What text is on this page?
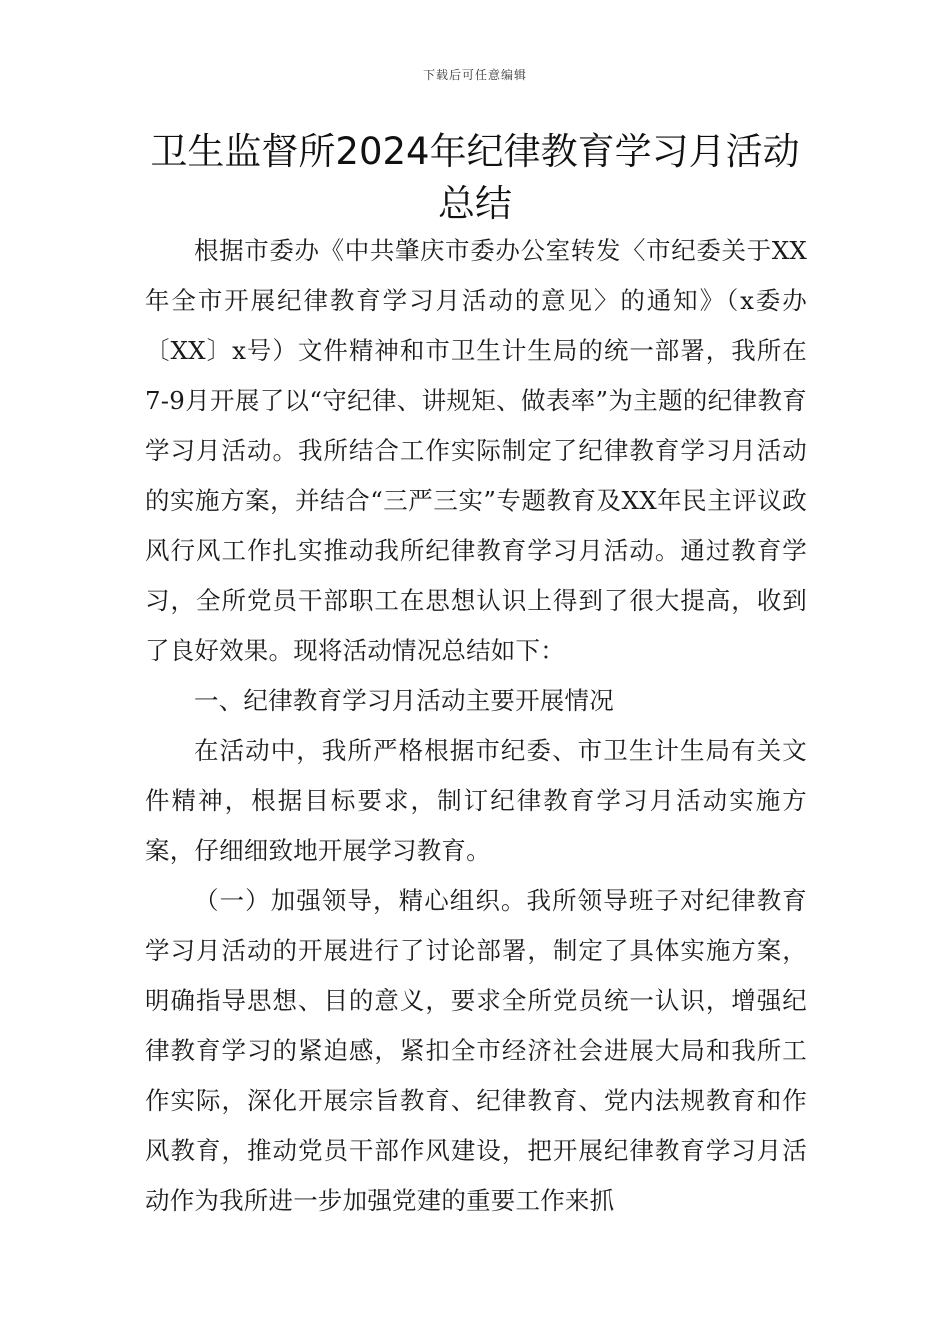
下载后可任意编辑
卫生监督所2024年纪律教育学习月活动总结

根据市委办《中共肇庆市委办公室转发〈市纪委关于XX年全市开展纪律教育学习月活动的意见〉的通知》（x委办〔XX〕x号）文件精神和市卫生计生局的统一部署，我所在7-9月开展了以“守纪律、讲规矩、做表率”为主题的纪律教育学习月活动。我所结合工作实际制定了纪律教育学习月活动的实施方案，并结合“三严三实”专题教育及XX年民主评议政风行风工作扎实推动我所纪律教育学习月活动。通过教育学习，全所党员干部职工在思想认识上得到了很大提高，收到了良好效果。现将活动情况总结如下：

一、纪律教育学习月活动主要开展情况

在活动中，我所严格根据市纪委、市卫生计生局有关文件精神，根据目标要求，制订纪律教育学习月活动实施方案，仔细细致地开展学习教育。

（一）加强领导，精心组织。我所领导班子对纪律教育学习月活动的开展进行了讨论部署，制定了具体实施方案，明确指导思想、目的意义，要求全所党员统一认识，增强纪律教育学习的紧迫感，紧扣全市经济社会进展大局和我所工作实际，深化开展宗旨教育、纪律教育、党内法规教育和作风教育，推动党员干部作风建设，把开展纪律教育学习月活动作为我所进一步加强党建的重要工作来抓
